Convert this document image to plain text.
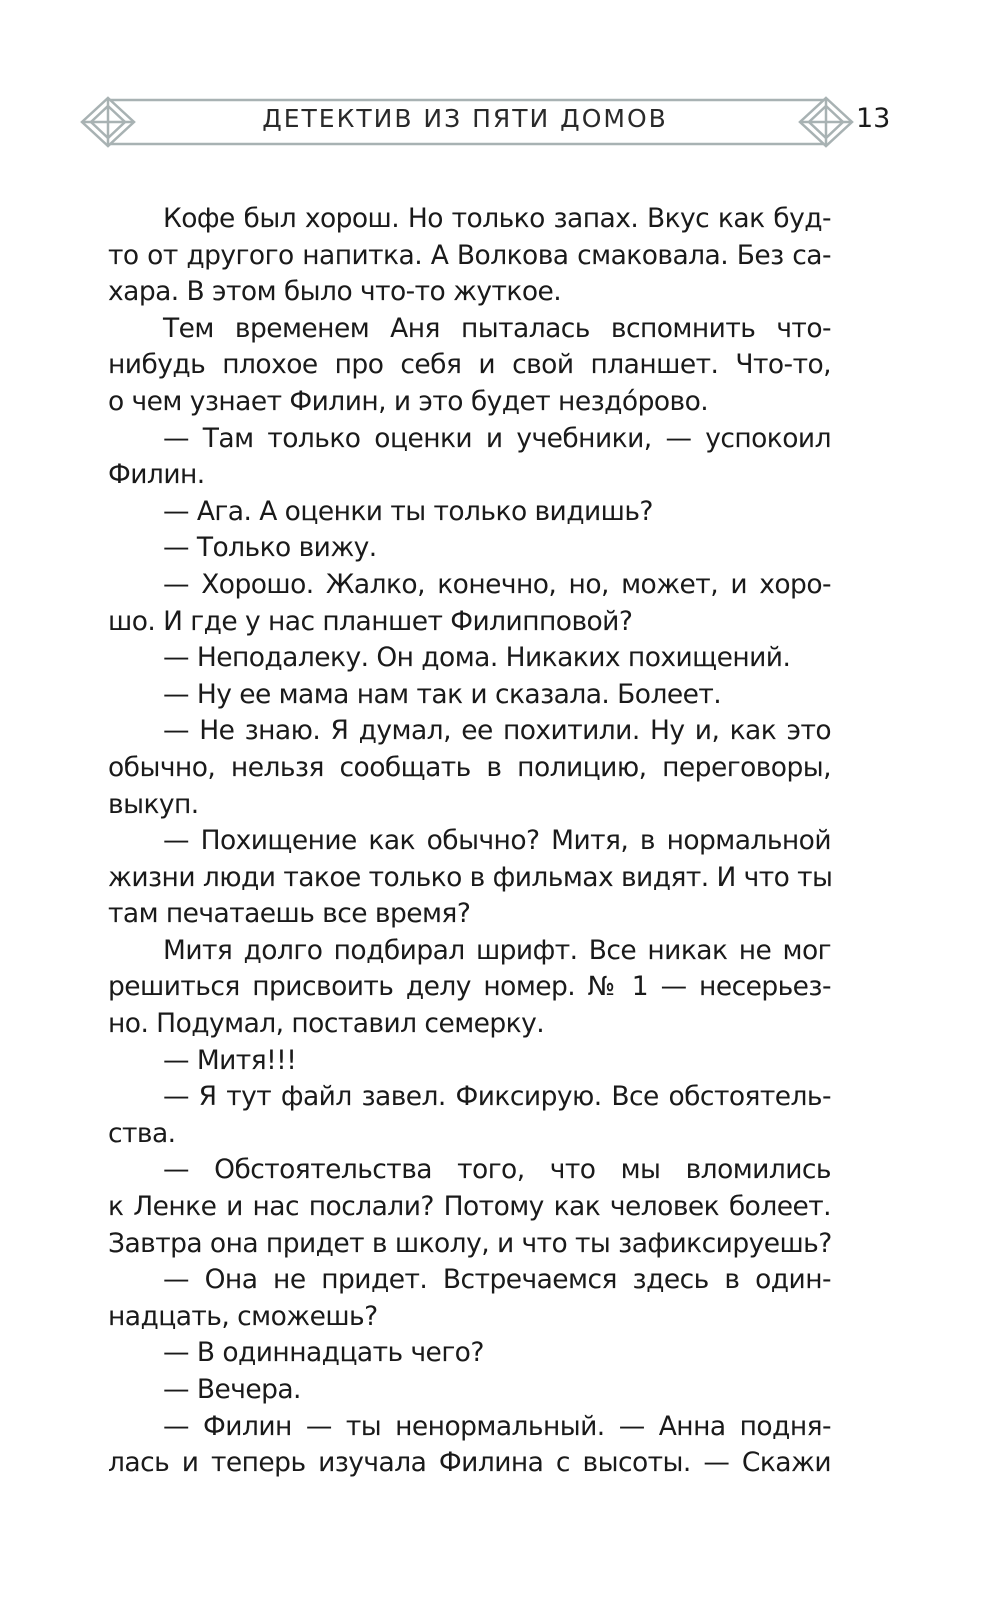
ДЕТЕКТИВ ИЗ ПЯТИ ДОМОВ	13
Кофе был хорош. Но только запах. Вкус как буд-
то от другого напитка. А Волкова смаковала. Без са-
хара. В этом было что-то жуткое.
Тем временем Аня пыталась вспомнить что-
нибудь плохое про себя и свой планшет. Что-то,
о чем узнает Филин, и это будет нездóрово.
— Там только оценки и учебники, — успокоил
Филин.
— Ага. А оценки ты только видишь?
— Только вижу.
— Хорошо. Жалко, конечно, но, может, и хоро-
шо. И где у нас планшет Филипповой?
— Неподалеку. Он дома. Никаких похищений.
— Ну ее мама нам так и сказала. Болеет.
— Не знаю. Я думал, ее похитили. Ну и, как это
обычно, нельзя сообщать в полицию, переговоры,
выкуп.
— Похищение как обычно? Митя, в нормальной
жизни люди такое только в фильмах видят. И что ты
там печатаешь все время?
Митя долго подбирал шрифт. Все никак не мог
решиться присвоить делу номер. № 1 — несерьез-
но. Подумал, поставил семерку.
— Митя!!!
— Я тут файл завел. Фиксирую. Все обстоятель-
ства.
— Обстоятельства того, что мы вломились
к Ленке и нас послали? Потому как человек болеет.
Завтра она придет в школу, и что ты зафиксируешь?
— Она не придет. Встречаемся здесь в один-
надцать, сможешь?
— В одиннадцать чего?
— Вечера.
— Филин — ты ненормальный. — Анна подня-
лась и теперь изучала Филина с высоты. — Скажи
